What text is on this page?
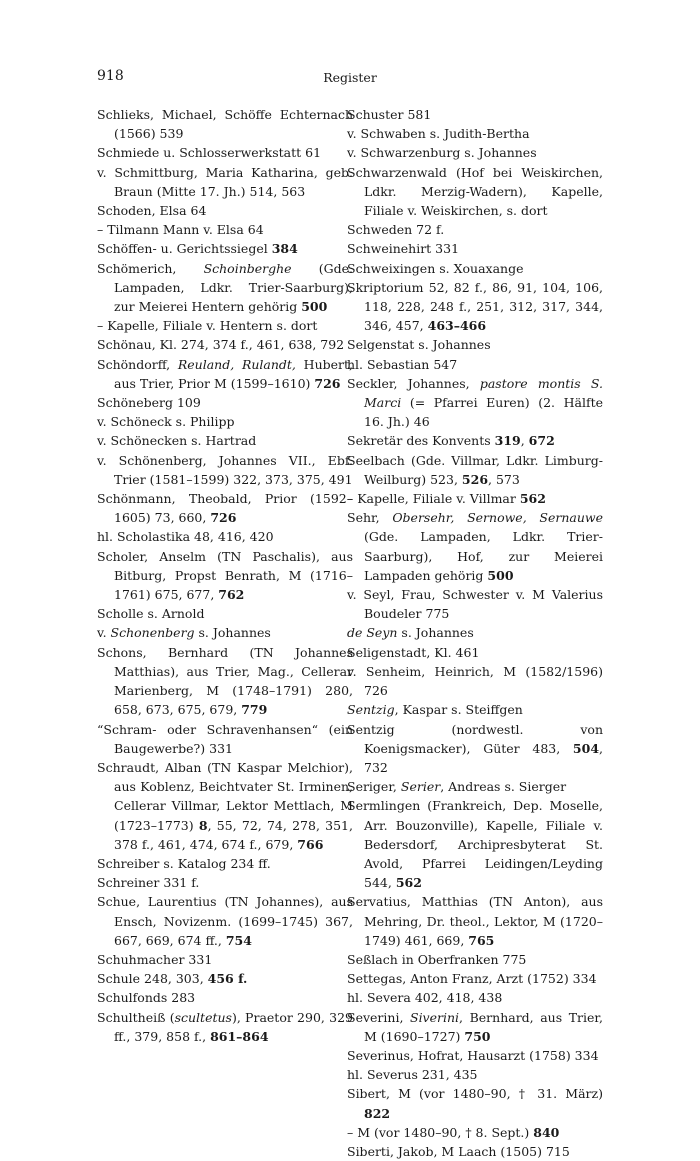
918	Register

Schlieks, Michael, Schöffe Echternach (1566) 539

Schmiede u. Schlosserwerkstatt 61

v. Schmittburg, Maria Katharina, geb. Braun (Mitte 17. Jh.) 514, 563

Schoden, Elsa 64

– Tilmann Mann v. Elsa 64

Schöffen- u. Gerichtssiegel 384

Schömerich, Schoinberghe (Gde. Lampaden, Ldkr. Trier-Saarburg), zur Meierei Hentern gehörig 500

– Kapelle, Filiale v. Hentern s. dort

Schönau, Kl. 274, 374 f., 461, 638, 792

Schöndorff, Reuland, Rulandt, Hubert, aus Trier, Prior M (1599–1610) 726

Schöneberg 109

v. Schöneck s. Philipp

v. Schönecken s. Hartrad

v. Schönenberg, Johannes VII., Ebf. Trier (1581–1599) 322, 373, 375, 491

Schönmann, Theobald, Prior (1592–1605) 73, 660, 726

hl. Scholastika 48, 416, 420

Scholer, Anselm (TN Paschalis), aus Bitburg, Propst Benrath, M (1716–1761) 675, 677, 762

Scholle s. Arnold

v. Schonenberg s. Johannes

Schons, Bernhard (TN Johannes Matthias), aus Trier, Mag., Cellerar Marienberg, M (1748–1791) 280, 658, 673, 675, 679, 779

“Schram- oder Schravenhansen“ (ein Baugewerbe?) 331

Schraudt, Alban (TN Kaspar Melchior), aus Koblenz, Beichtvater St. Irminen, Cellerar Villmar, Lektor Mettlach, M (1723–1773) 8, 55, 72, 74, 278, 351, 378 f., 461, 474, 674 f., 679, 766

Schreiber s. Katalog 234 ff.

Schreiner 331 f.

Schue, Laurentius (TN Johannes), aus Ensch, Novizenm. (1699–1745) 367, 667, 669, 674 ff., 754

Schuhmacher 331

Schule 248, 303, 456 f.

Schulfonds 283

Schultheiß (scultetus), Praetor 290, 329 ff., 379, 858 f., 861–864

Schuster 581

v. Schwaben s. Judith-Bertha

v. Schwarzenburg s. Johannes

Schwarzenwald (Hof bei Weiskirchen, Ldkr. Merzig-Wadern), Kapelle, Filiale v. Weiskirchen, s. dort

Schweden 72 f.

Schweinehirt 331

Schweixingen s. Xouaxange

Skriptorium 52, 82 f., 86, 91, 104, 106, 118, 228, 248 f., 251, 312, 317, 344, 346, 457, 463–466

Selgenstat s. Johannes

hl. Sebastian 547

Seckler, Johannes, pastore montis S. Marci (= Pfarrei Euren) (2. Hälfte 16. Jh.) 46

Sekretär des Konvents 319, 672

Seelbach (Gde. Villmar, Ldkr. Limburg-Weilburg) 523, 526, 573

– Kapelle, Filiale v. Villmar 562

Sehr, Obersehr, Sernowe, Sernauwe (Gde. Lampaden, Ldkr. Trier-Saarburg), Hof, zur Meierei Lampaden gehörig 500

v. Seyl, Frau, Schwester v. M Valerius Boudeler 775

de Seyn s. Johannes

Seligenstadt, Kl. 461

v. Senheim, Heinrich, M (1582/1596) 726

Sentzig, Kaspar s. Steiffgen

Sentzig (nordwestl. von Koenigsmacker), Güter 483, 504, 732

Seriger, Serier, Andreas s. Sierger

Sermlingen (Frankreich, Dep. Moselle, Arr. Bouzonville), Kapelle, Filiale v. Bedersdorf, Archipresbyterat St. Avold, Pfarrei Leidingen/Leyding 544, 562

Servatius, Matthias (TN Anton), aus Mehring, Dr. theol., Lektor, M (1720–1749) 461, 669, 765

Seßlach in Oberfranken 775

Settegas, Anton Franz, Arzt (1752) 334

hl. Severa 402, 418, 438

Severini, Siverini, Bernhard, aus Trier, M (1690–1727) 750

Severinus, Hofrat, Hausarzt (1758) 334

hl. Severus 231, 435

Sibert, M (vor 1480–90, † 31. März) 822

– M (vor 1480–90, † 8. Sept.) 840

Siberti, Jakob, M Laach (1505) 715
